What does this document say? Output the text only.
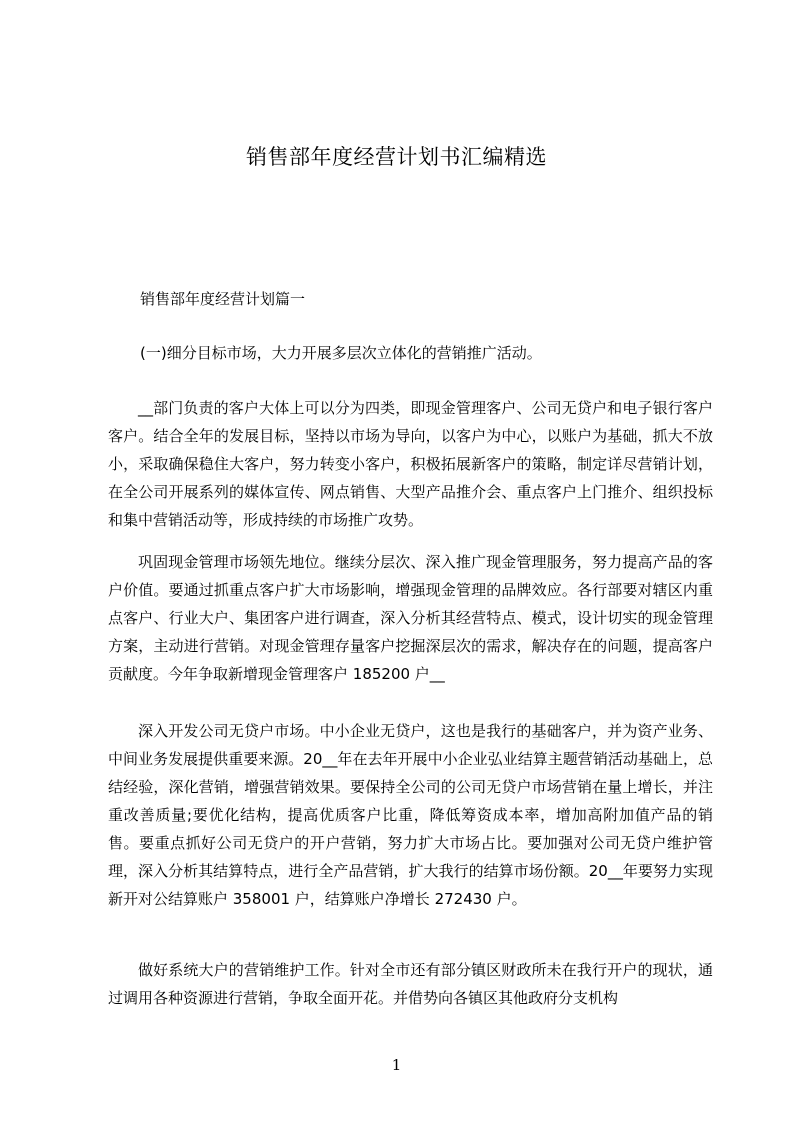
销售部年度经营计划书汇编精选
销售部年度经营计划篇一

(一)细分目标市场，大力开展多层次立体化的营销推广活动。

__部门负责的客户大体上可以分为四类，即现金管理客户、公司无贷户和电子银行客户客户。结合全年的发展目标，坚持以市场为导向，以客户为中心，以账户为基础，抓大不放小，采取确保稳住大客户，努力转变小客户，积极拓展新客户的策略，制定详尽营销计划，在全公司开展系列的媒体宣传、网点销售、大型产品推介会、重点客户上门推介、组织投标和集中营销活动等，形成持续的市场推广攻势。

巩固现金管理市场领先地位。继续分层次、深入推广现金管理服务，努力提高产品的客户价值。要通过抓重点客户扩大市场影响，增强现金管理的品牌效应。各行部要对辖区内重点客户、行业大户、集团客户进行调查，深入分析其经营特点、模式，设计切实的现金管理方案，主动进行营销。对现金管理存量客户挖掘深层次的需求，解决存在的问题，提高客户贡献度。今年争取新增现金管理客户 185200 户__

深入开发公司无贷户市场。中小企业无贷户，这也是我行的基础客户，并为资产业务、中间业务发展提供重要来源。20__年在去年开展中小企业弘业结算主题营销活动基础上，总结经验，深化营销，增强营销效果。要保持全公司的公司无贷户市场营销在量上增长，并注重改善质量;要优化结构，提高优质客户比重，降低筹资成本率，增加高附加值产品的销售。要重点抓好公司无贷户的开户营销，努力扩大市场占比。要加强对公司无贷户维护管理，深入分析其结算特点，进行全产品营销，扩大我行的结算市场份额。20__年要努力实现新开对公结算账户 358001 户，结算账户净增长 272430 户。

做好系统大户的营销维护工作。针对全市还有部分镇区财政所未在我行开户的现状，通过调用各种资源进行营销，争取全面开花。并借势向各镇区其他政府分支机构

1
